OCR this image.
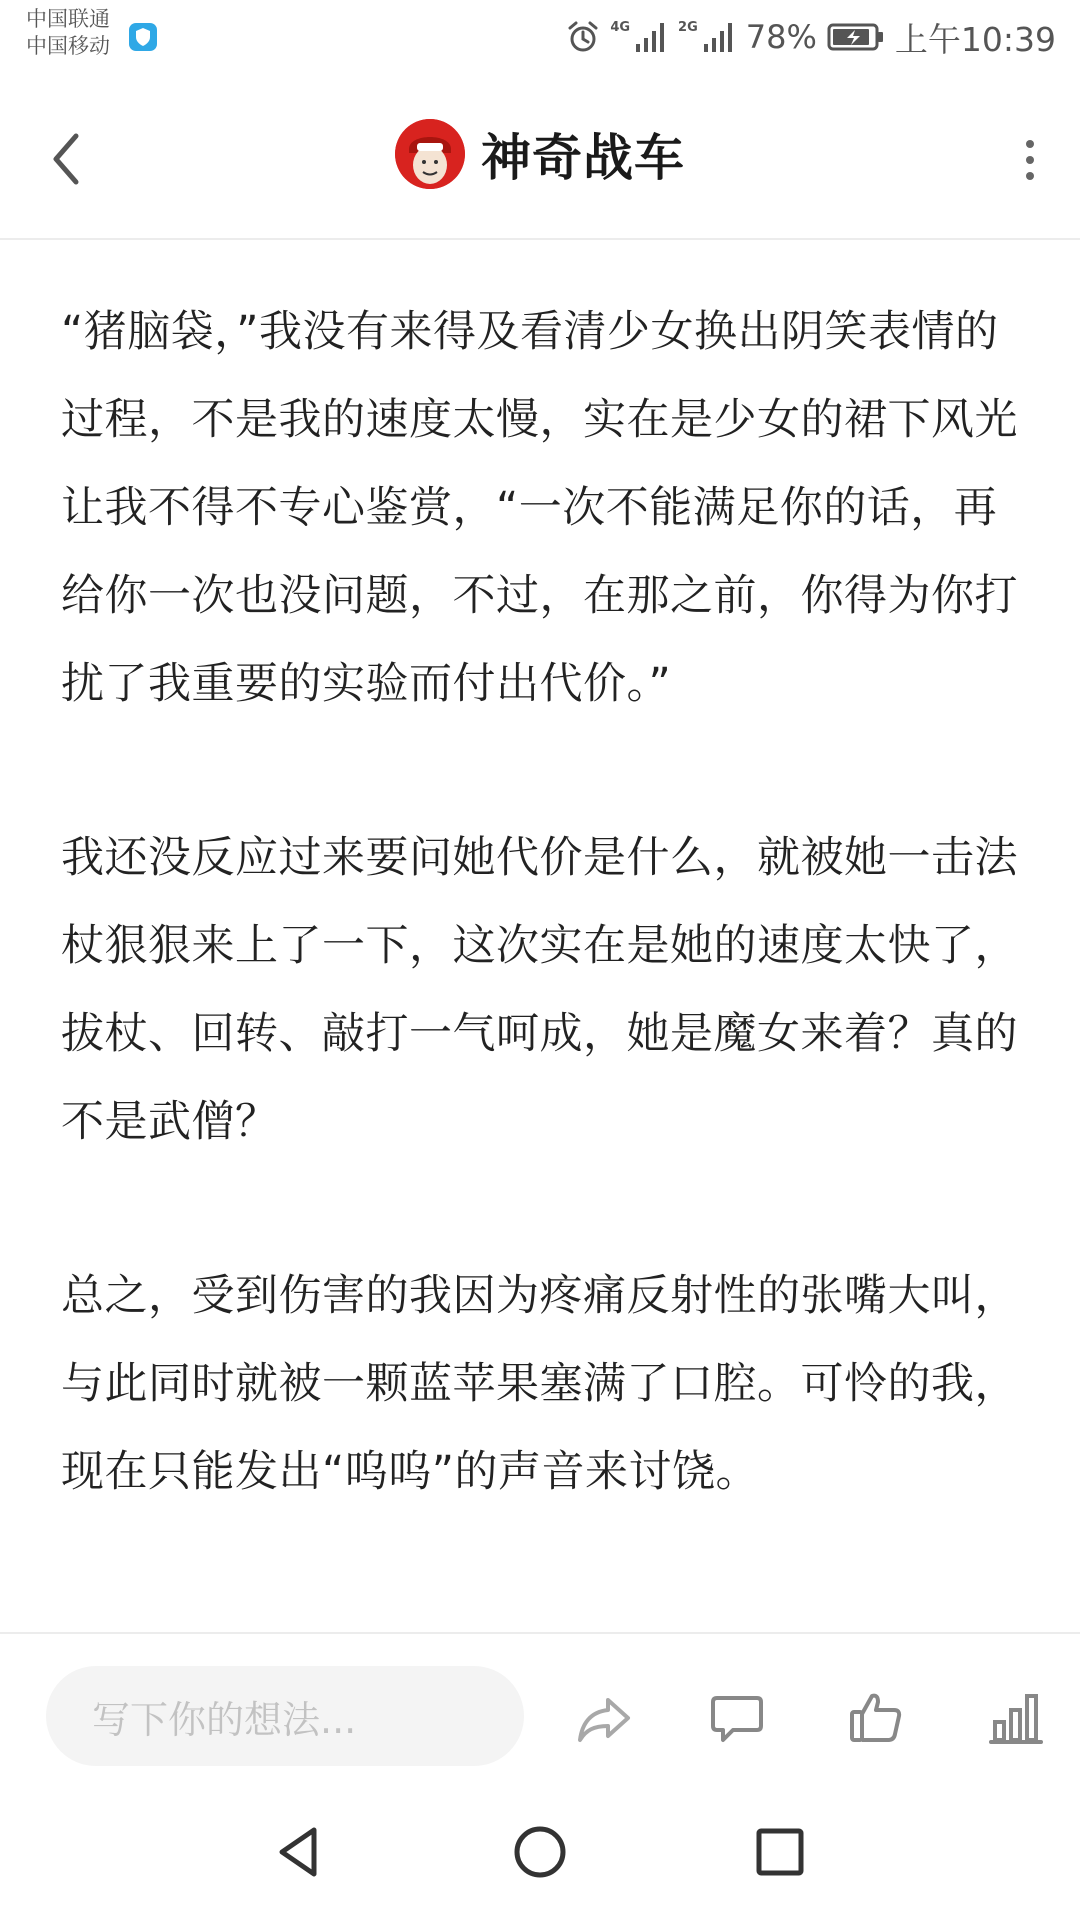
中国联通
中国移动
4G	2G 78% 上午10:39
神奇战车

“猪脑袋，”我没有来得及看清少女换出阴笑表情的过程，不是我的速度太慢，实在是少女的裙下风光让我不得不专心鉴赏，“一次不能满足你的话，再给你一次也没问题，不过，在那之前，你得为你打扰了我重要的实验而付出代价。”

我还没反应过来要问她代价是什么，就被她一击法杖狠狠来上了一下，这次实在是她的速度太快了，拔杖、回转、敲打一气呵成，她是魔女来着？真的不是武僧？

总之，受到伤害的我因为疼痛反射性的张嘴大叫，与此同时就被一颗蓝苹果塞满了口腔。可怜的我，现在只能发出“呜呜”的声音来讨饶。

写下你的想法...
